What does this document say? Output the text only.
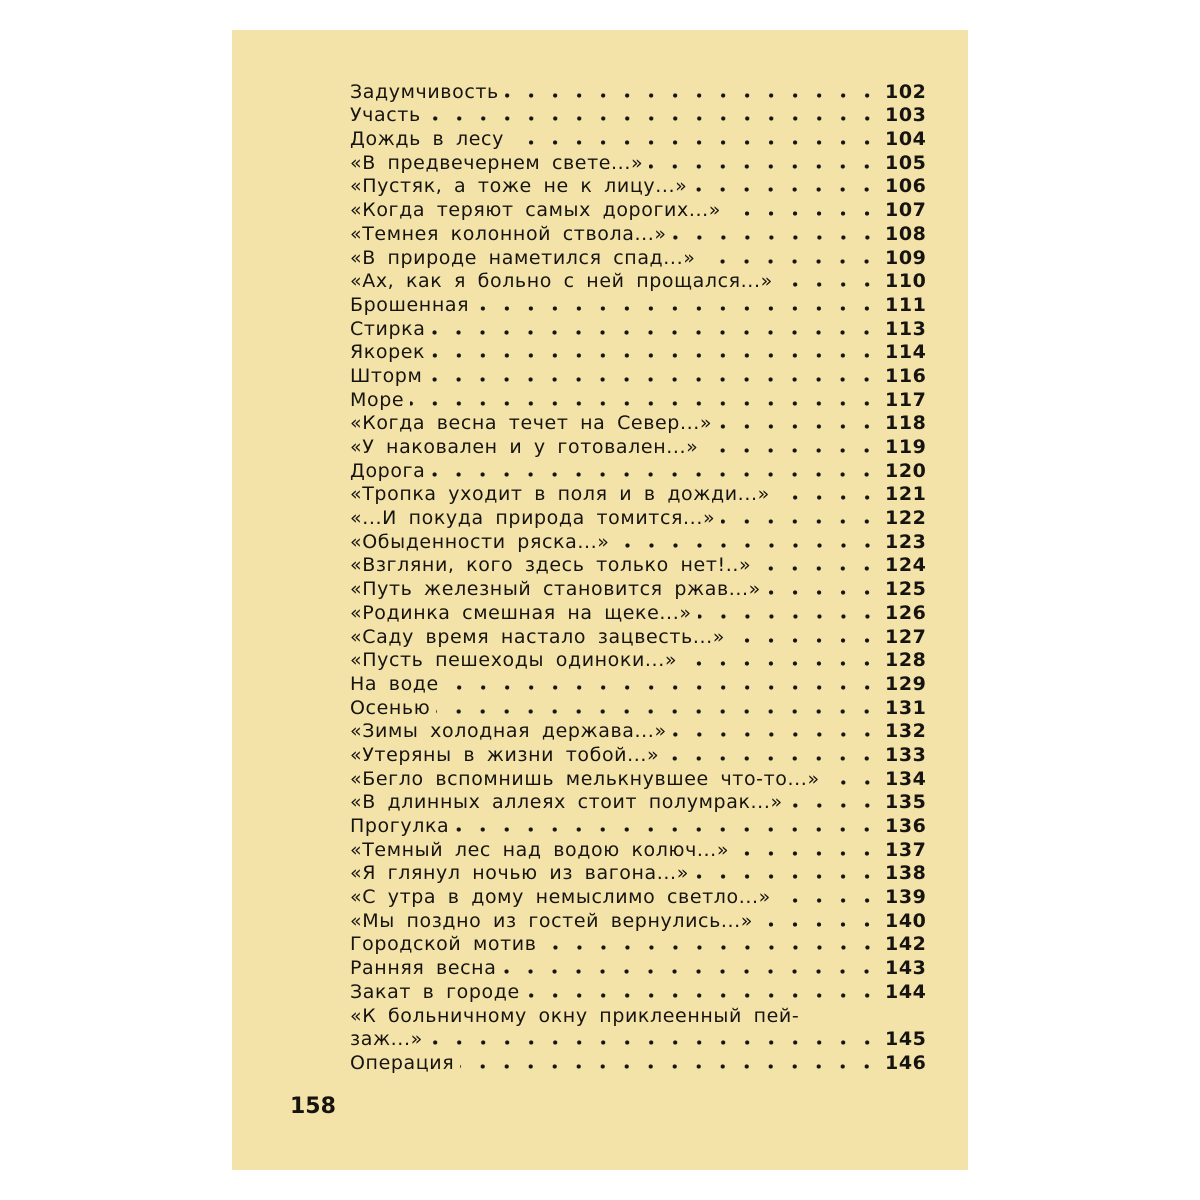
Задумчивость	102
Участь	103
Дождь в лесу	104
«В предвечернем свете...»	105
«Пустяк, а тоже не к лицу...»	106
«Когда теряют самых дорогих...»	107
«Темнея колонной ствола...»	108
«В природе наметился спад...»	109
«Ах, как я больно с ней прощался...»	110
Брошенная	111
Стирка	113
Якорек	114
Шторм	116
Море	117
«Когда весна течет на Север...»	118
«У наковален и у готовален...»	119
Дорога	120
«Тропка уходит в поля и в дожди...»	121
«...И покуда природа томится...»	122
«Обыденности ряска...»	123
«Взгляни, кого здесь только нет!..»	124
«Путь железный становится ржав...»	125
«Родинка смешная на щеке...»	126
«Саду время настало зацвесть...»	127
«Пусть пешеходы одиноки...»	128
На воде	129
Осенью	131
«Зимы холодная держава...»	132
«Утеряны в жизни тобой...»	133
«Бегло вспомнишь мелькнувшее что-то...»	134
«В длинных аллеях стоит полумрак...»	135
Прогулка	136
«Темный лес над водою колюч...»	137
«Я глянул ночью из вагона...»	138
«С утра в дому немыслимо светло...»	139
«Мы поздно из гостей вернулись...»	140
Городской мотив	142
Ранняя весна	143
Закат в городе	144
«К больничному окну приклеенный пей-
заж...»	145
Операция	146
158
